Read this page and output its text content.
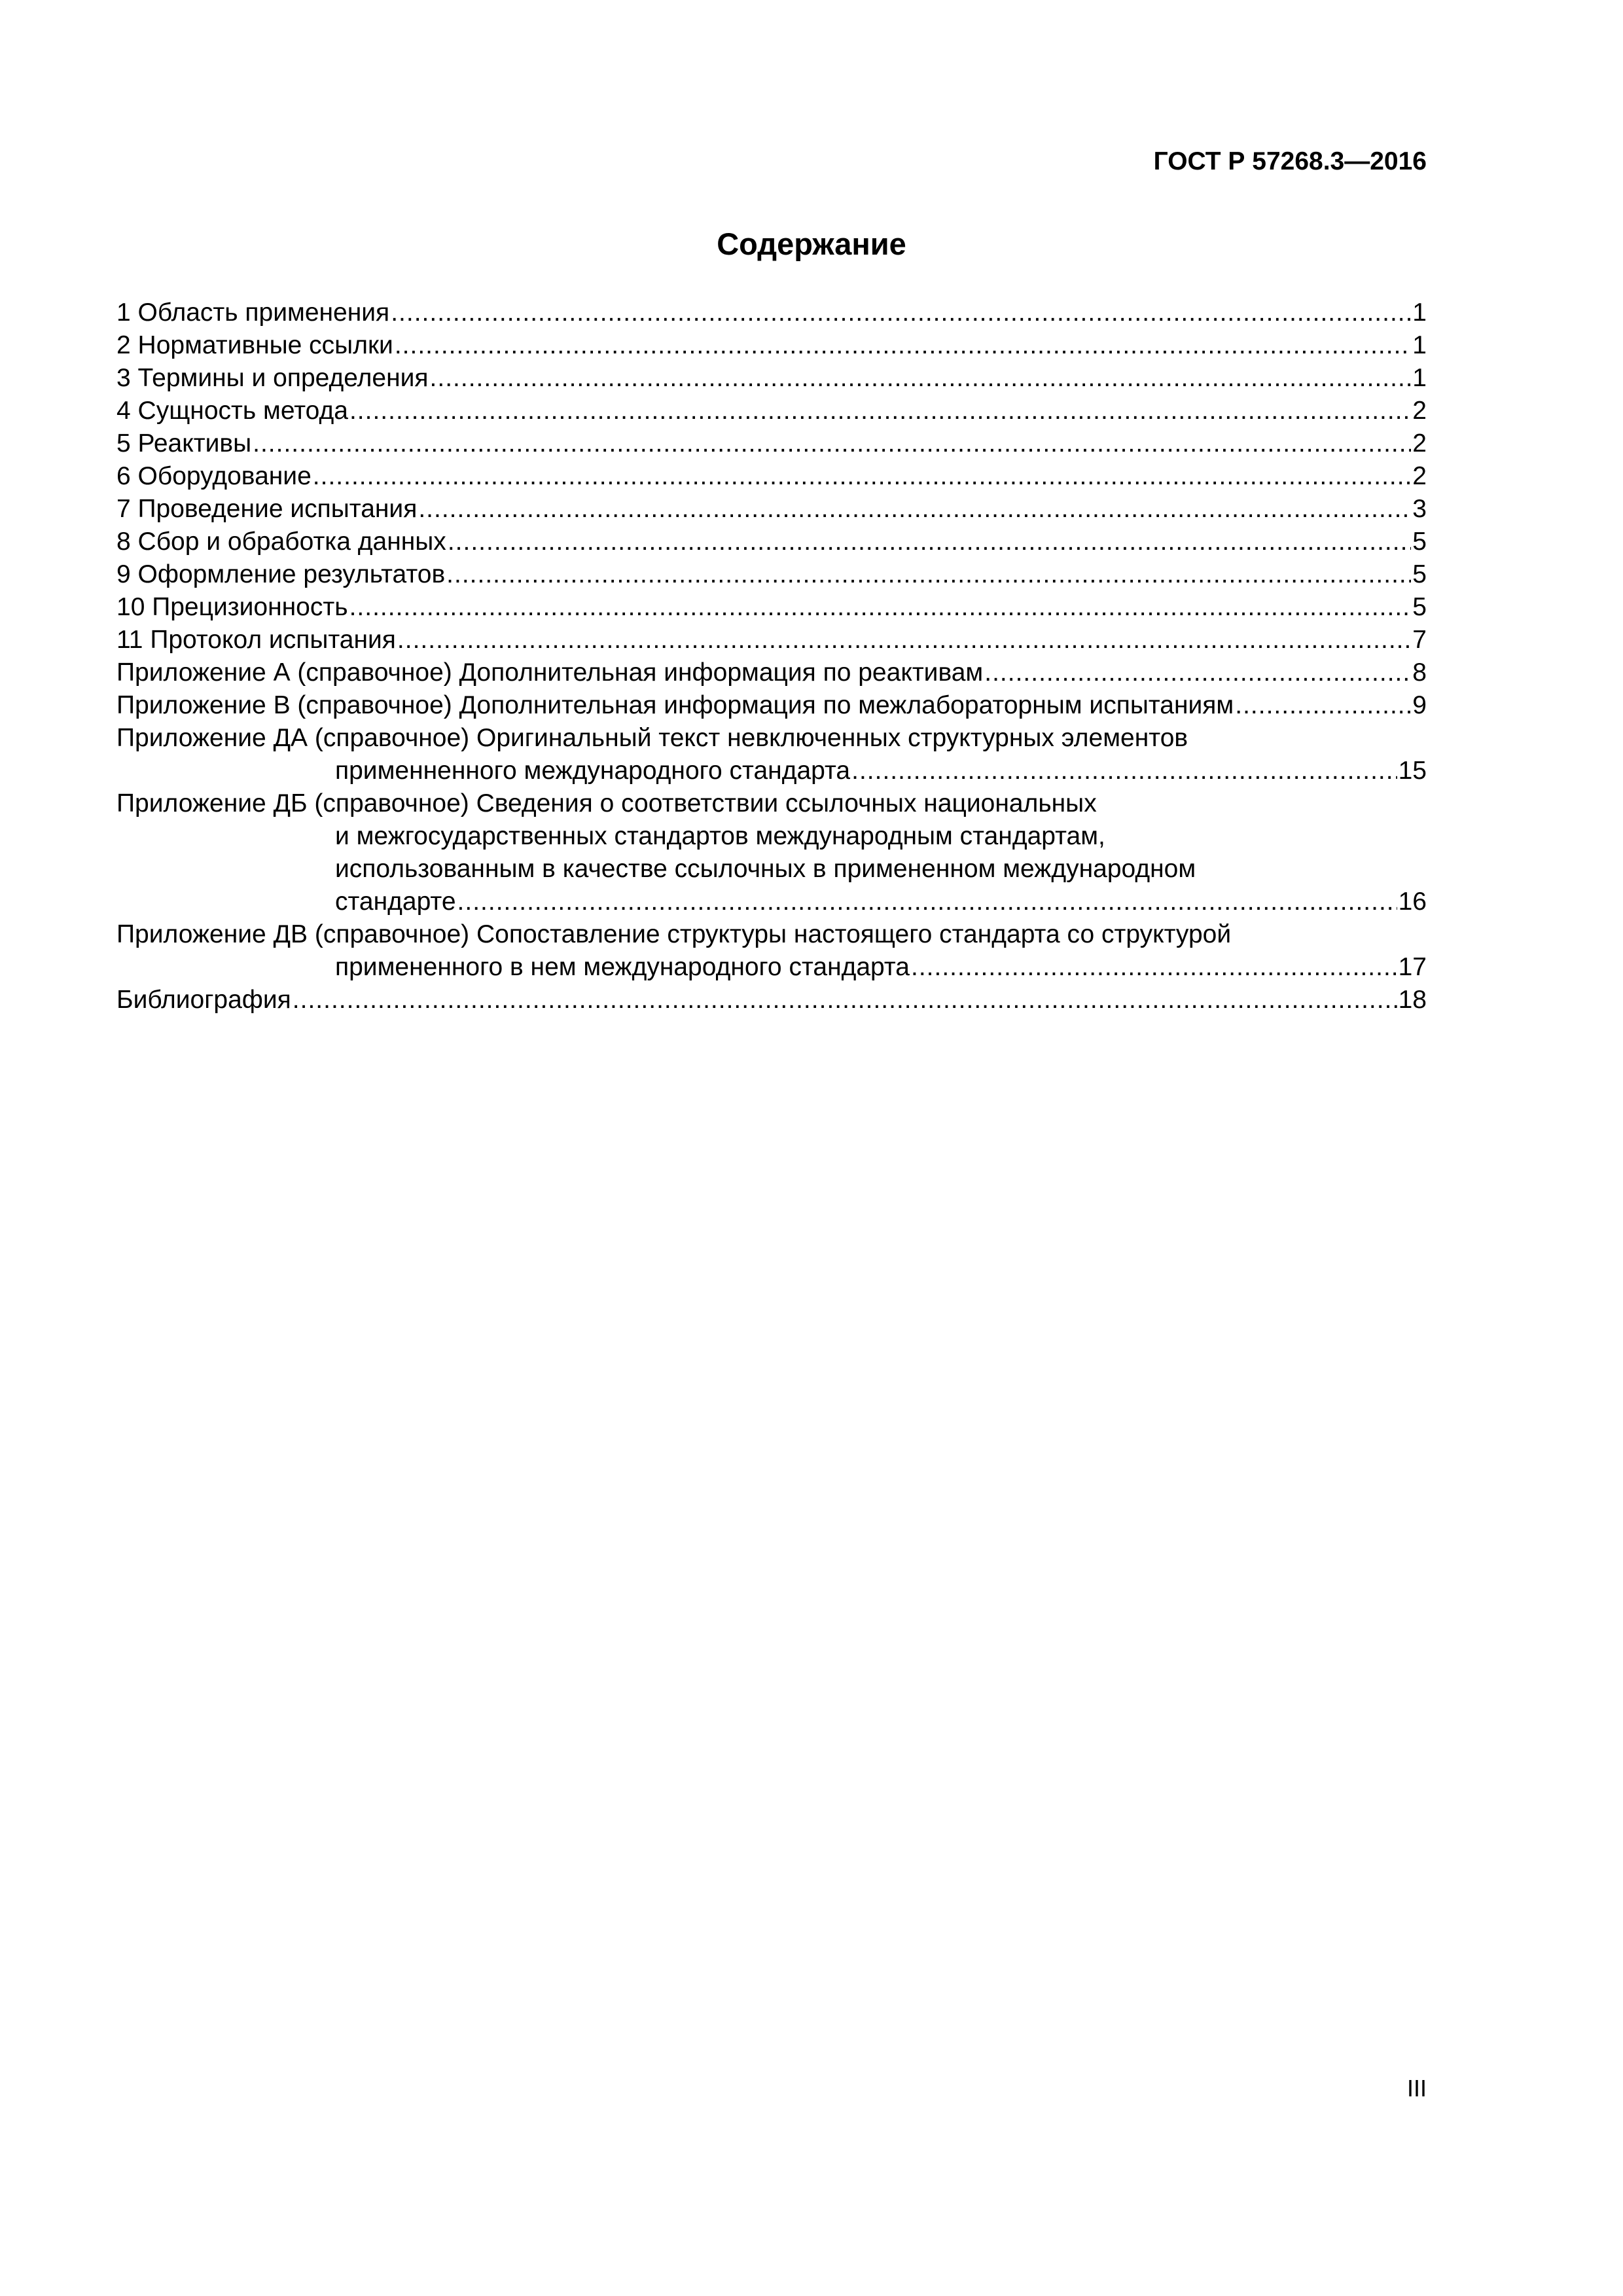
ГОСТ Р 57268.3—2016
Содержание
1 Область применения .....	1
2 Нормативные ссылки .....	1
3 Термины и определения .....	1
4 Сущность метода .....	2
5 Реактивы .....	2
6 Оборудование .....	2
7 Проведение испытания .....	3
8 Сбор и обработка данных .....	5
9 Оформление результатов .....	5
10 Прецизионность .....	5
11 Протокол испытания .....	7
Приложение А (справочное) Дополнительная информация по реактивам .....	8
Приложение В (справочное) Дополнительная информация по межлабораторным испытаниям .....	9
Приложение ДА (справочное) Оригинальный текст невключенных структурных элементов
применненного международного стандарта .....	15
Приложение ДБ (справочное) Сведения о соответствии ссылочных национальных
и межгосударственных стандартов международным стандартам,
использованным в качестве ссылочных в примененном международном
стандарте .....	16
Приложение ДВ (справочное) Сопоставление структуры настоящего стандарта со структурой
примененного в нем международного стандарта .....	17
Библиография .....	18
III
